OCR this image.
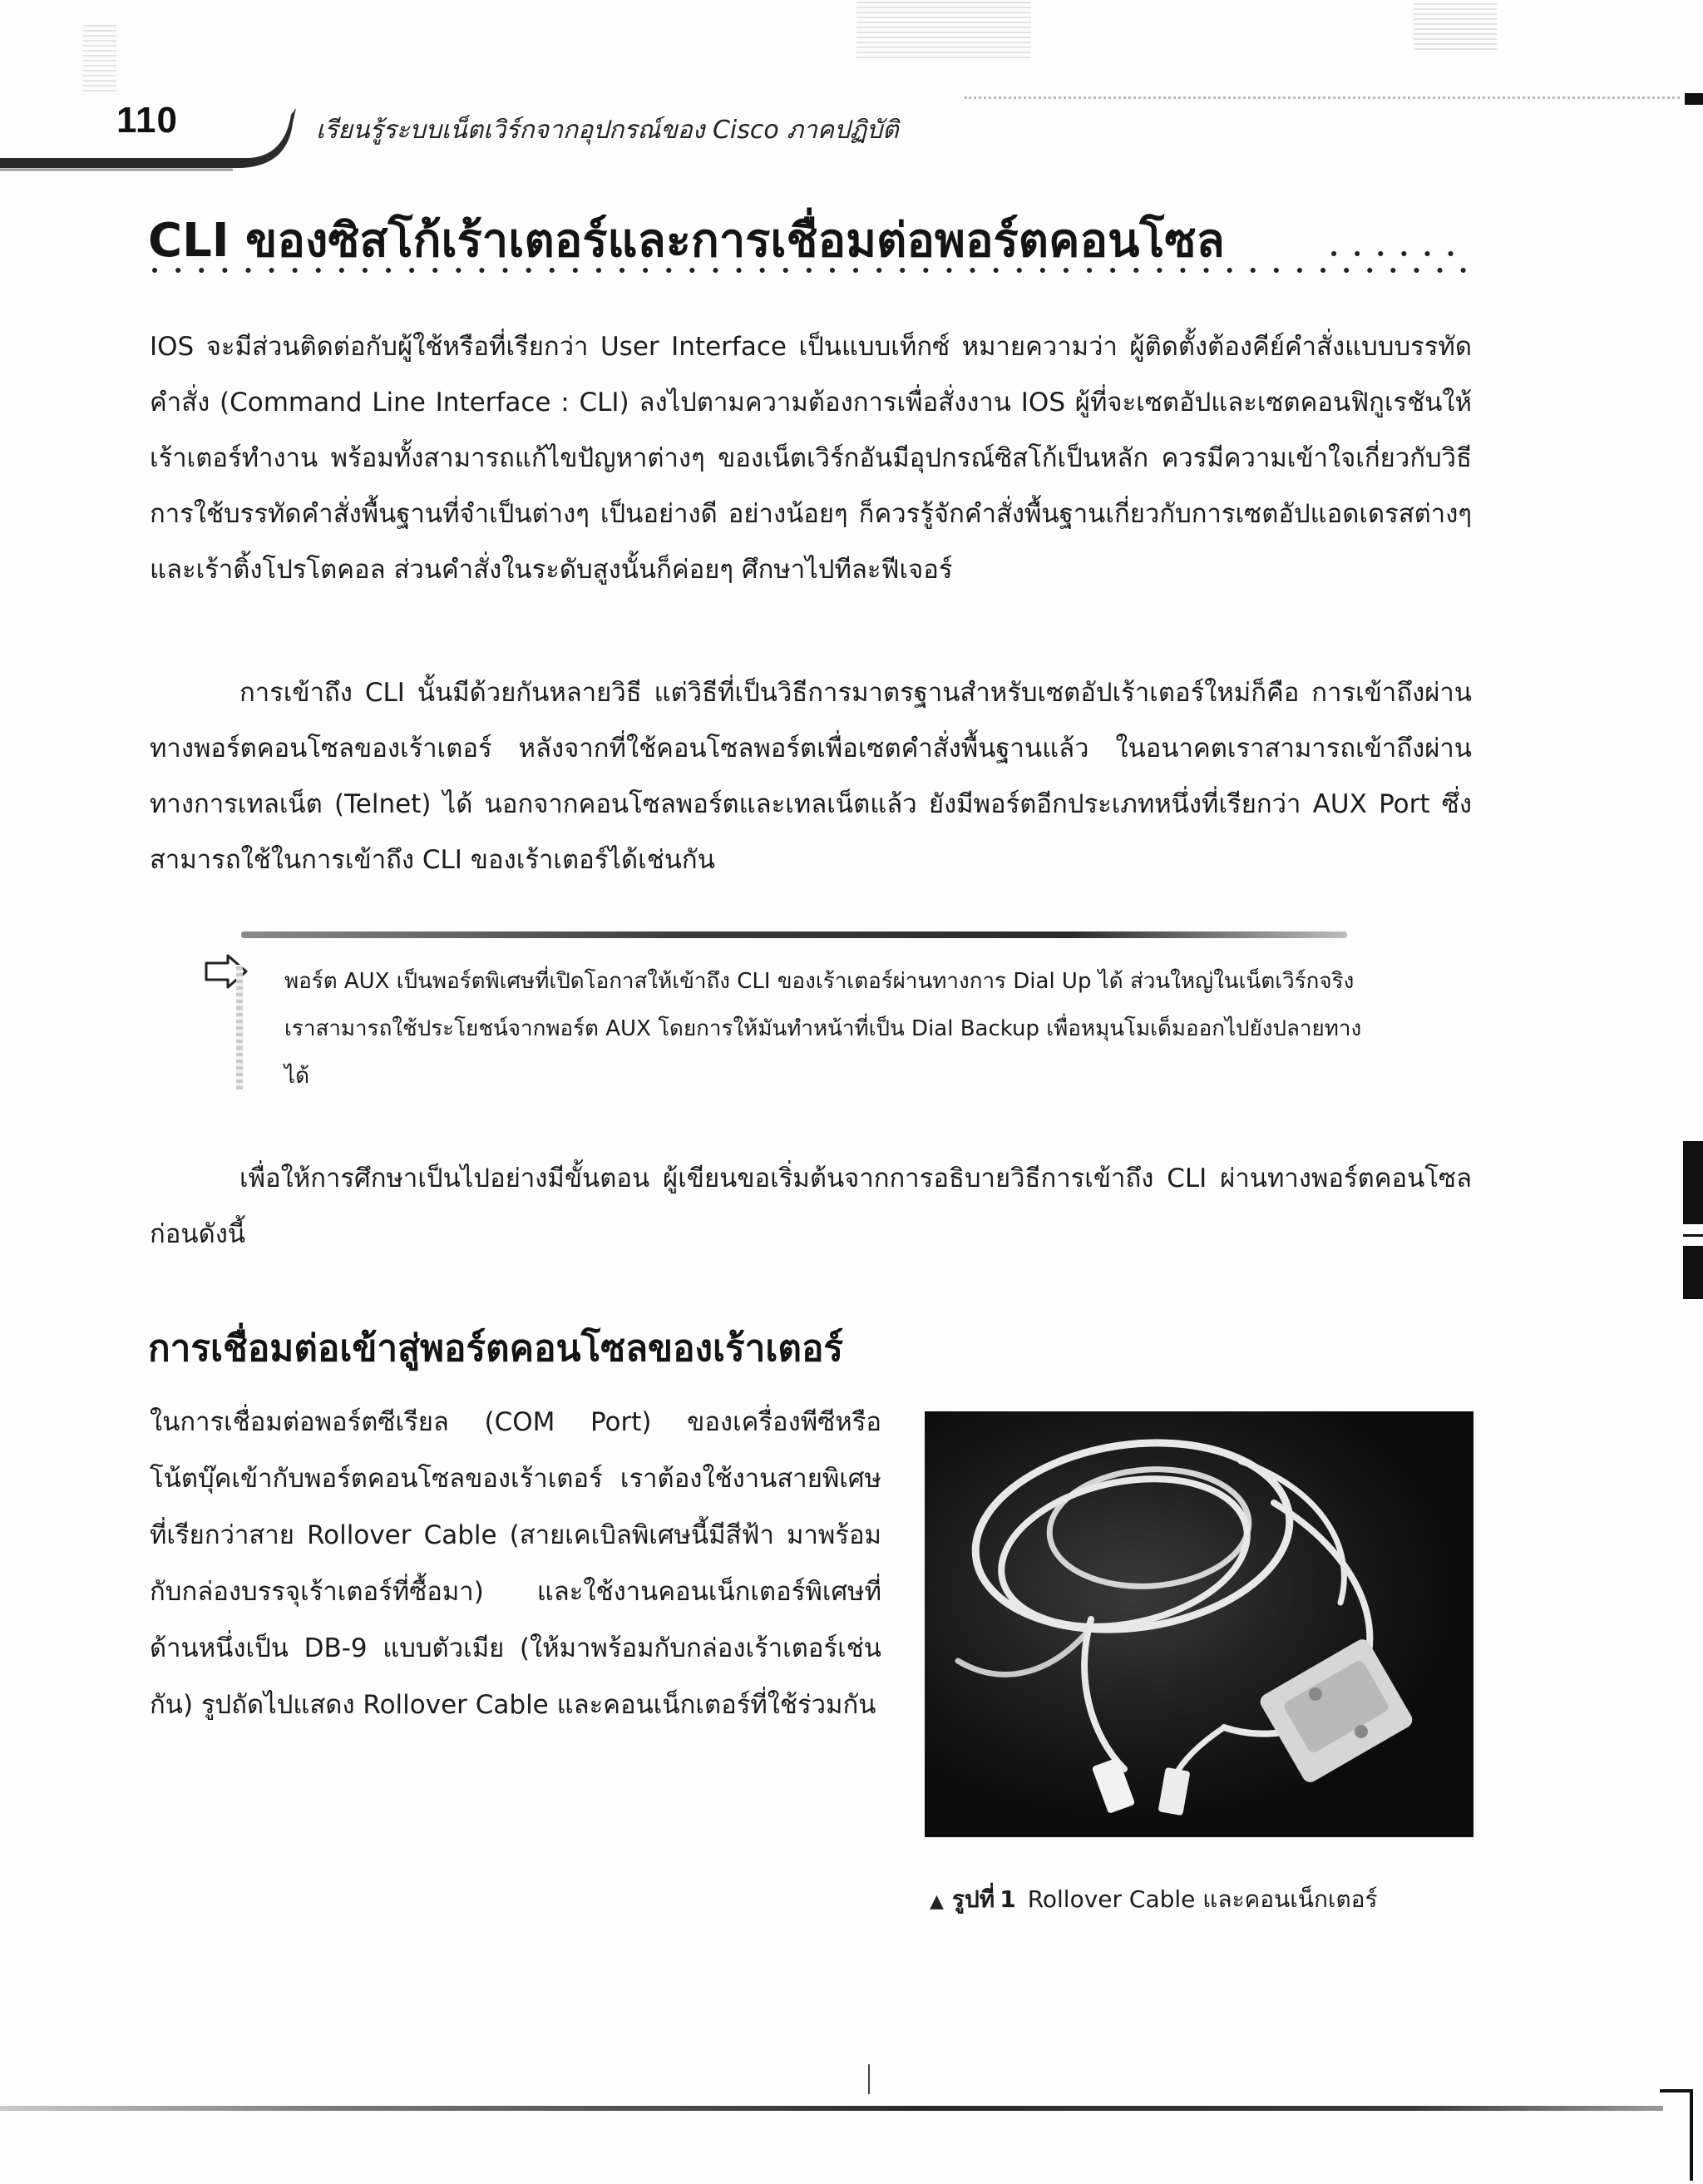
110	เรียนรู้ระบบเน็ตเวิร์กจากอุปกรณ์ของ Cisco ภาคปฏิบัติ
CLI ของซิสโก้เร้าเตอร์และการเชื่อมต่อพอร์ตคอนโซล

IOS จะมีส่วนติดต่อกับผู้ใช้หรือที่เรียกว่า User Interface เป็นแบบเท็กซ์ หมายความว่า ผู้ติดตั้งต้องคีย์คำสั่งแบบบรรทัดคำสั่ง (Command Line Interface : CLI) ลงไปตามความต้องการเพื่อสั่งงาน IOS ผู้ที่จะเซตอัปและเซตคอนฟิกูเรชันให้เร้าเตอร์ทำงาน พร้อมทั้งสามารถแก้ไขปัญหาต่างๆ ของเน็ตเวิร์กอันมีอุปกรณ์ซิสโก้เป็นหลัก ควรมีความเข้าใจเกี่ยวกับวิธีการใช้บรรทัดคำสั่งพื้นฐานที่จำเป็นต่างๆ เป็นอย่างดี อย่างน้อยๆ ก็ควรรู้จักคำสั่งพื้นฐานเกี่ยวกับการเซตอัปแอดเดรสต่างๆ และเร้าติ้งโปรโตคอล ส่วนคำสั่งในระดับสูงนั้นก็ค่อยๆ ศึกษาไปทีละฟีเจอร์

การเข้าถึง CLI นั้นมีด้วยกันหลายวิธี แต่วิธีที่เป็นวิธีการมาตรฐานสำหรับเซตอัปเร้าเตอร์ใหม่ก็คือ การเข้าถึงผ่านทางพอร์ตคอนโซลของเร้าเตอร์ หลังจากที่ใช้คอนโซลพอร์ตเพื่อเซตคำสั่งพื้นฐานแล้ว ในอนาคตเราสามารถเข้าถึงผ่านทางการเทลเน็ต (Telnet) ได้ นอกจากคอนโซลพอร์ตและเทลเน็ตแล้ว ยังมีพอร์ตอีกประเภทหนึ่งที่เรียกว่า AUX Port ซึ่งสามารถใช้ในการเข้าถึง CLI ของเร้าเตอร์ได้เช่นกัน

พอร์ต AUX เป็นพอร์ตพิเศษที่เปิดโอกาสให้เข้าถึง CLI ของเร้าเตอร์ผ่านทางการ Dial Up ได้ ส่วนใหญ่ในเน็ตเวิร์กจริงเราสามารถใช้ประโยชน์จากพอร์ต AUX โดยการให้มันทำหน้าที่เป็น Dial Backup เพื่อหมุนโมเด็มออกไปยังปลายทางได้

เพื่อให้การศึกษาเป็นไปอย่างมีขั้นตอน ผู้เขียนขอเริ่มต้นจากการอธิบายวิธีการเข้าถึง CLI ผ่านทางพอร์ตคอนโซลก่อนดังนี้

การเชื่อมต่อเข้าสู่พอร์ตคอนโซลของเร้าเตอร์

ในการเชื่อมต่อพอร์ตซีเรียล (COM Port) ของเครื่องพีซีหรือโน้ตบุ๊คเข้ากับพอร์ตคอนโซลของเร้าเตอร์ เราต้องใช้งานสายพิเศษที่เรียกว่าสาย Rollover Cable (สายเคเบิลพิเศษนี้มีสีฟ้า มาพร้อมกับกล่องบรรจุเร้าเตอร์ที่ซื้อมา) และใช้งานคอนเน็กเตอร์พิเศษที่ด้านหนึ่งเป็น DB-9 แบบตัวเมีย (ให้มาพร้อมกับกล่องเร้าเตอร์เช่นกัน) รูปถัดไปแสดง Rollover Cable และคอนเน็กเตอร์ที่ใช้ร่วมกัน

▲ รูปที่ 1 Rollover Cable และคอนเน็กเตอร์
